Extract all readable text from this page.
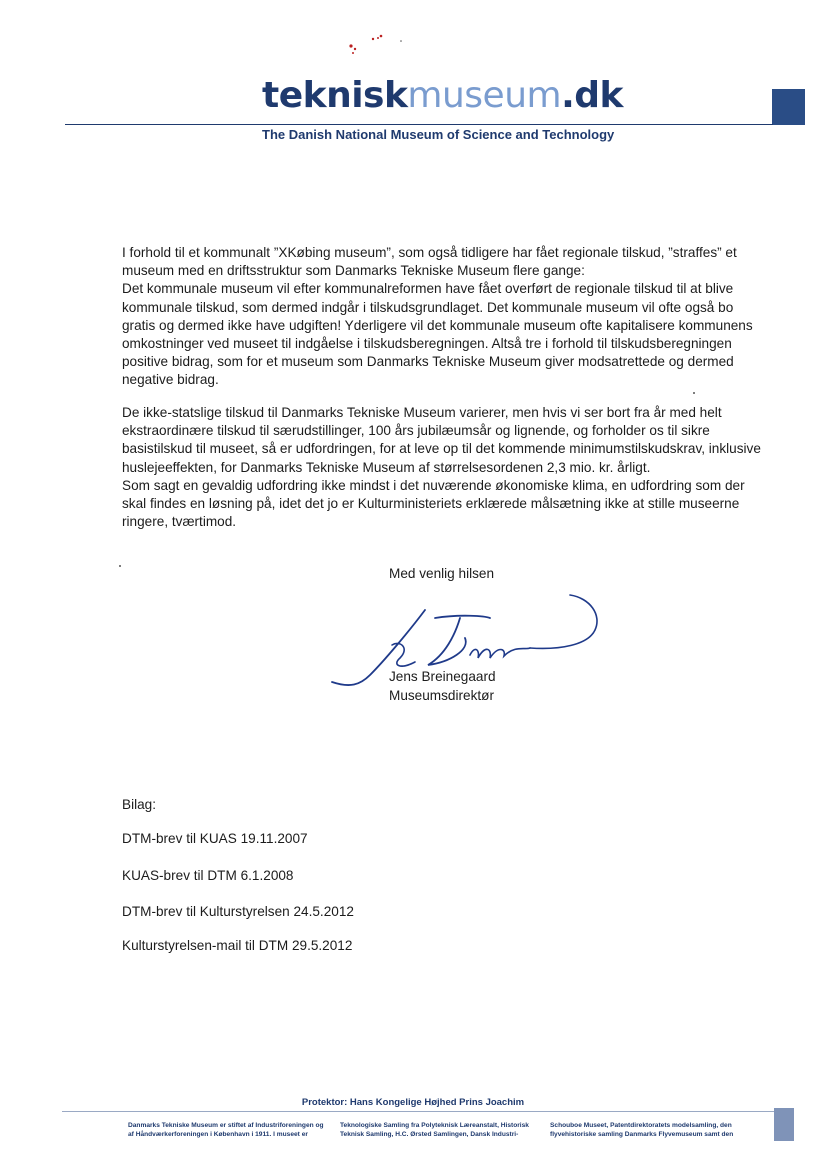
tekniskmuseum.dk
The Danish National Museum of Science and Technology

I forhold til et kommunalt ”XKøbing museum”, som også tidligere har fået regionale tilskud, ”straffes” et

museum med en driftsstruktur som Danmarks Tekniske Museum flere gange:

Det kommunale museum vil efter kommunalreformen have fået overført de regionale tilskud til at blive

kommunale tilskud, som dermed indgår i tilskudsgrundlaget. Det kommunale museum vil ofte også bo

gratis og dermed ikke have udgiften! Yderligere vil det kommunale museum ofte kapitalisere kommunens

omkostninger ved museet til indgåelse i tilskudsberegningen. Altså tre i forhold til tilskudsberegningen

positive bidrag, som for et museum som Danmarks Tekniske Museum giver modsatrettede og dermed

negative bidrag.

De ikke-statslige tilskud til Danmarks Tekniske Museum varierer, men hvis vi ser bort fra år med helt

ekstraordinære tilskud til særudstillinger, 100 års jubilæumsår og lignende, og forholder os til sikre

basistilskud til museet, så er udfordringen, for at leve op til det kommende minimumstilskudskrav, inklusive

huslejeeffekten, for Danmarks Tekniske Museum af størrelsesordenen 2,3 mio. kr. årligt.

Som sagt en gevaldig udfordring ikke mindst i det nuværende økonomiske klima, en udfordring som der

skal findes en løsning på, idet det jo er Kulturministeriets erklærede målsætning ikke at stille museerne

ringere, tværtimod.

Med venlig hilsen
Jens Breinegaard
Museumsdirektør
Bilag:
DTM-brev til KUAS 19.11.2007
KUAS-brev til DTM 6.1.2008
DTM-brev til Kulturstyrelsen 24.5.2012
Kulturstyrelsen-mail til DTM 29.5.2012
Protektor: Hans Kongelige Højhed Prins Joachim
Danmarks Tekniske Museum er stiftet af Industriforeningen og
af Håndværkerforeningen i København i 1911. I museet er
Teknologiske Samling fra Polyteknisk Læreanstalt, Historisk
Teknisk Samling, H.C. Ørsted Samlingen, Dansk Industri-
Schouboe Museet, Patentdirektoratets modelsamling, den
flyvehistoriske samling Danmarks Flyvemuseum samt den
